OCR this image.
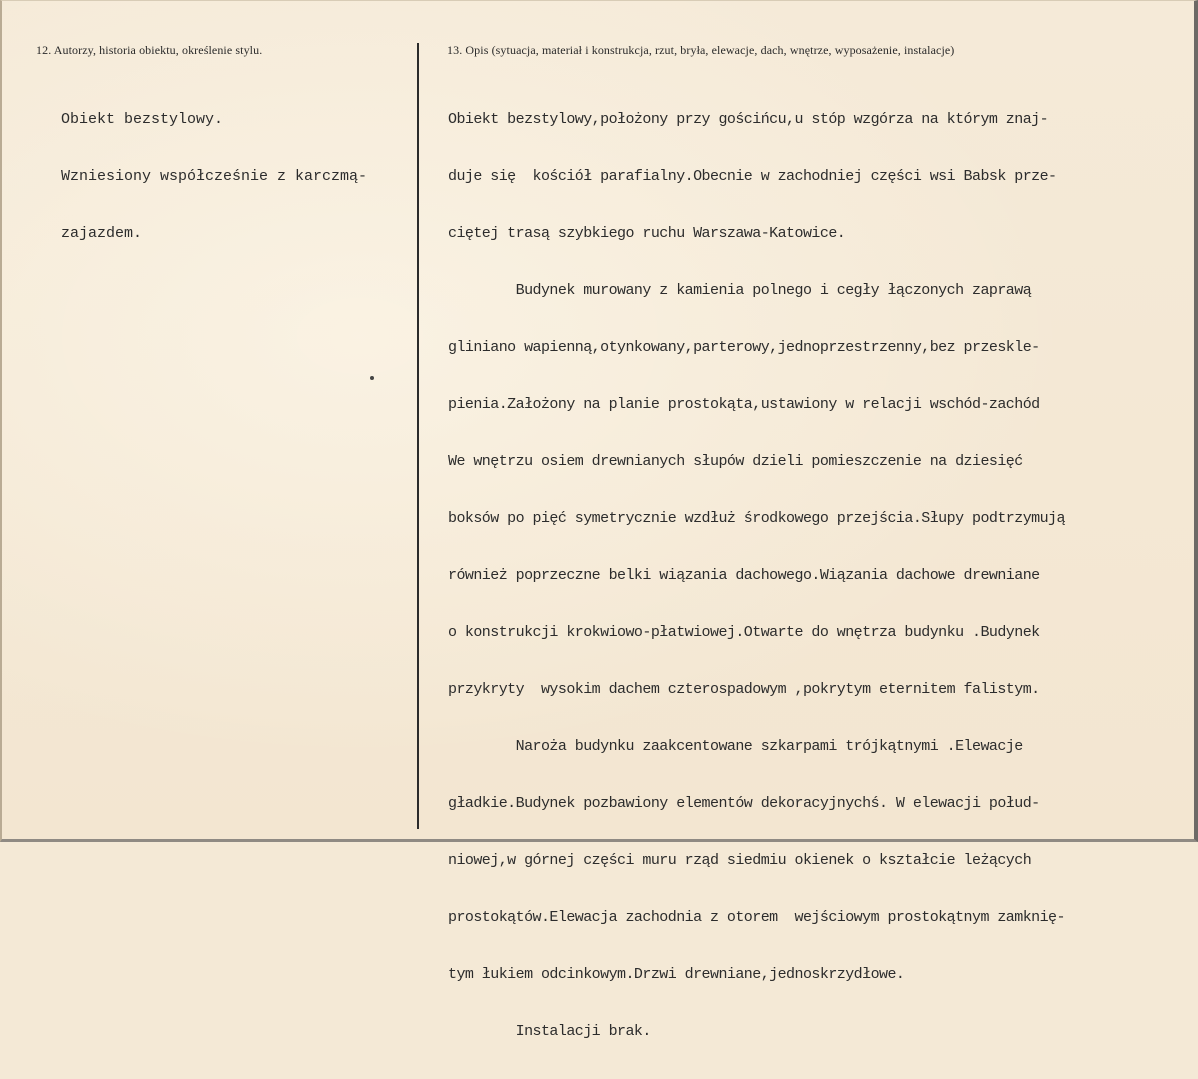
12. Autorzy, historia obiektu, określenie stylu.	13. Opis (sytuacja, materiał i konstrukcja, rzut, bryła, elewacje, dach, wnętrze, wyposażenie, instalacje)

Obiekt bezstylowy.

Wzniesiony współcześnie z karczmą-

zajazdem.

Obiekt bezstylowy,położony przy gościńcu,u stóp wzgórza na którym znaj-

duje się  kościół parafialny.Obecnie w zachodniej części wsi Babsk prze-

ciętej trasą szybkiego ruchu Warszawa-Katowice.

Budynek murowany z kamienia polnego i cegły łączonych zaprawą

gliniano wapienną,otynkowany,parterowy,jednoprzestrzenny,bez przeskle-

pienia.Założony na planie prostokąta,ustawiony w relacji wschód-zachód

We wnętrzu osiem drewnianych słupów dzieli pomieszczenie na dziesięć

boksów po pięć symetrycznie wzdłuż środkowego przejścia.Słupy podtrzymują

również poprzeczne belki wiązania dachowego.Wiązania dachowe drewniane

o konstrukcji krokwiowo-płatwiowej.Otwarte do wnętrza budynku .Budynek

przykryty  wysokim dachem czterospadowym ,pokrytym eternitem falistym.

Naroża budynku zaakcentowane szkarpami trójkątnymi .Elewacje

gładkie.Budynek pozbawiony elementów dekoracyjnychś. W elewacji połud-

niowej,w górnej części muru rząd siedmiu okienek o kształcie leżących

prostokątów.Elewacja zachodnia z otorem  wejściowym prostokątnym zamknię-

tym łukiem odcinkowym.Drzwi drewniane,jednoskrzydłowe.

Instalacji brak.
